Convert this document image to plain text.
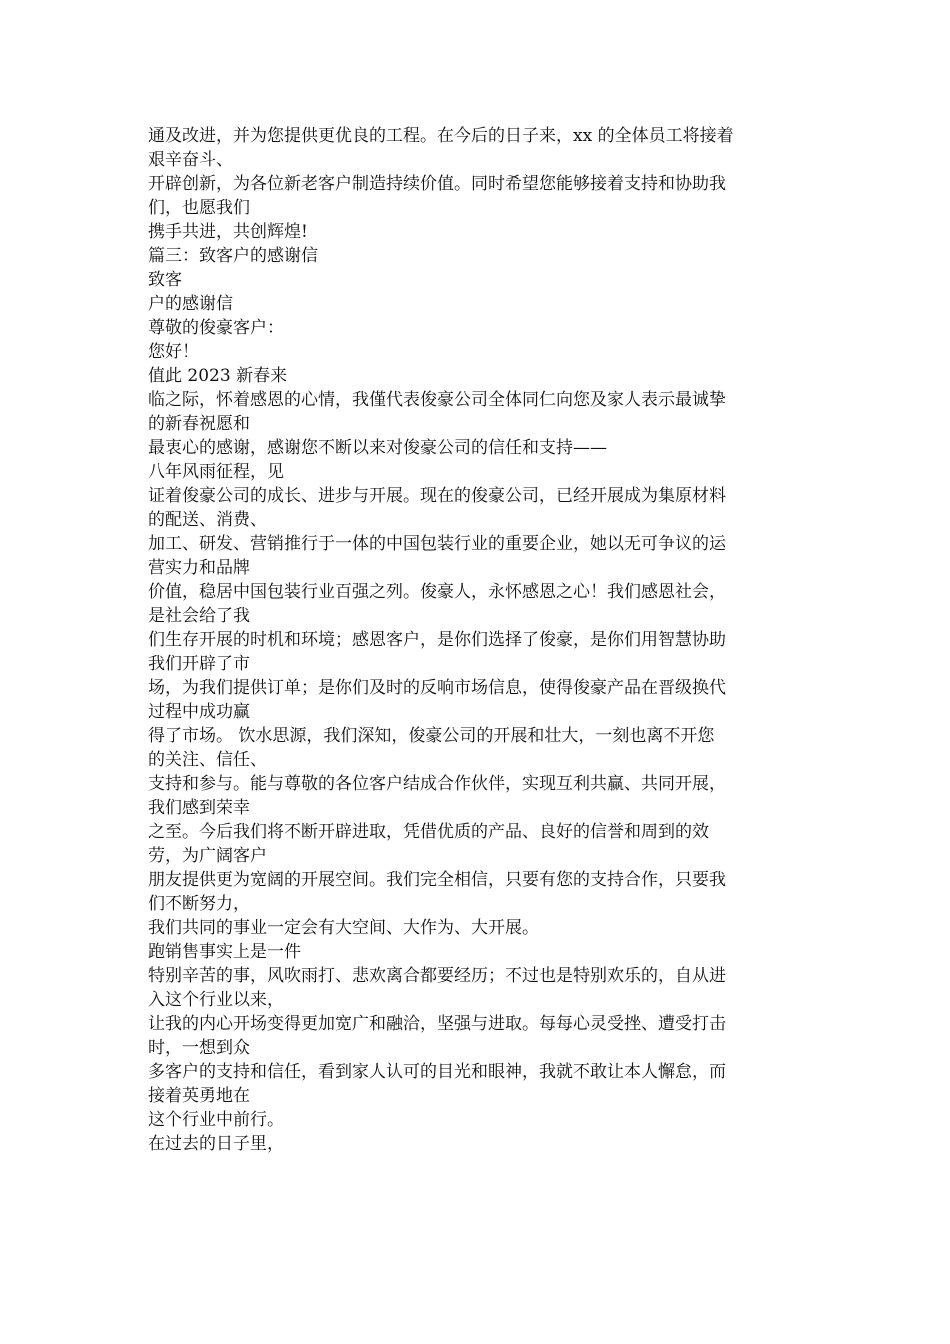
通及改进，并为您提供更优良的工程。在今后的日子来，xx 的全体员工将接着
艰辛奋斗、
开辟创新，为各位新老客户制造持续价值。同时希望您能够接着支持和协助我
们，也愿我们
携手共进，共创辉煌!
篇三：致客户的感谢信
致客
户的感谢信
尊敬的俊豪客户：
您好！
值此 2023 新春来
临之际，怀着感恩的心情，我僅代表俊豪公司全体同仁向您及家人表示最诚挚
的新春祝愿和
最衷心的感谢，感谢您不断以来对俊豪公司的信任和支持——
八年风雨征程，见
证着俊豪公司的成长、进步与开展。现在的俊豪公司，已经开展成为集原材料
的配送、消费、
加工、研发、营销推行于一体的中国包装行业的重要企业，她以无可争议的运
营实力和品牌
价值，稳居中国包装行业百强之列。俊豪人，永怀感恩之心！我们感恩社会，
是社会给了我
们生存开展的时机和环境；感恩客户，是你们选择了俊豪，是你们用智慧协助
我们开辟了市
场，为我们提供订单；是你们及时的反响市场信息，使得俊豪产品在晋级换代
过程中成功赢
得了市场。 饮水思源，我们深知，俊豪公司的开展和壮大，一刻也离不开您
的关注、信任、
支持和参与。能与尊敬的各位客户结成合作伙伴，实现互利共赢、共同开展，
我们感到荣幸
之至。今后我们将不断开辟进取，凭借优质的产品、良好的信誉和周到的效
劳，为广阔客户
朋友提供更为宽阔的开展空间。我们完全相信，只要有您的支持合作，只要我
们不断努力，
我们共同的事业一定会有大空间、大作为、大开展。
跑销售事实上是一件
特别辛苦的事，风吹雨打、悲欢离合都要经历；不过也是特别欢乐的，自从进
入这个行业以来，
让我的内心开场变得更加宽广和融洽，坚强与进取。每每心灵受挫、遭受打击
时，一想到众
多客户的支持和信任，看到家人认可的目光和眼神，我就不敢让本人懈怠，而
接着英勇地在
这个行业中前行。
在过去的日子里，
